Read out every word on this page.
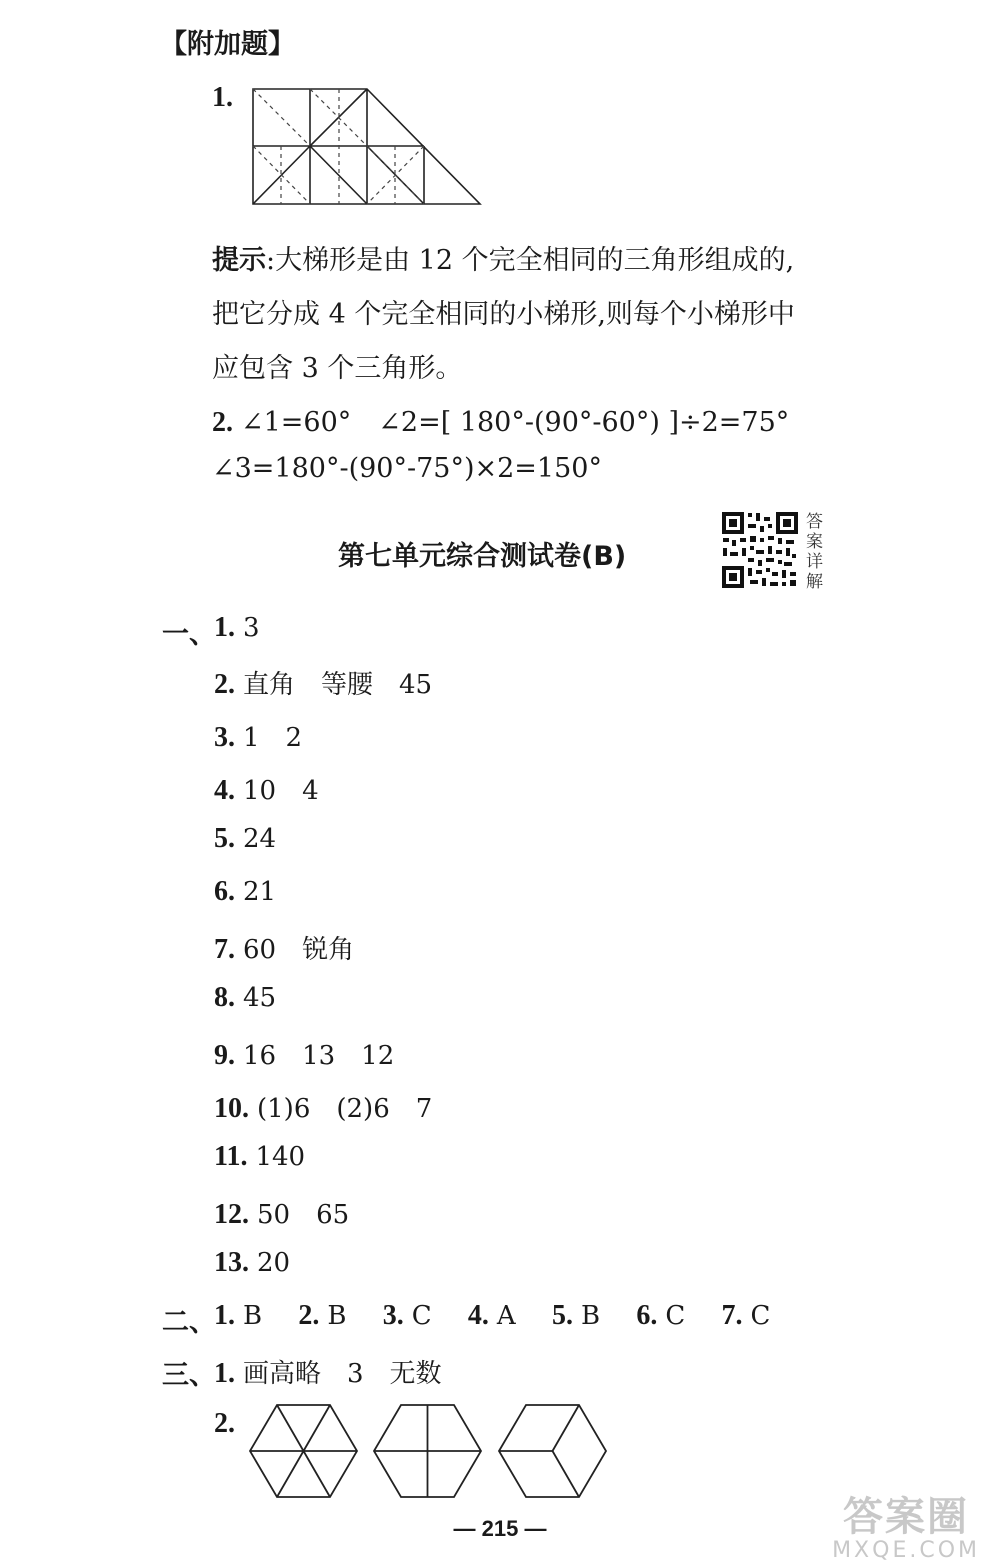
【附加题】
1.
提示:大梯形是由 12 个完全相同的三角形组成的,
把它分成 4 个完全相同的小梯形,则每个小梯形中
应包含 3 个三角形。
2. ∠1=60°　∠2=[ 180°-(90°-60°) ]÷2=75°
∠3=180°-(90°-75°)×2=150°
第七单元综合测试卷(B)
答案详解
一、
1. 3
2. 直角　等腰　45
3. 1　2
4. 10　4
5. 24
6. 21
7. 60　锐角
8. 45
9. 16　13　12
10. (1)6　(2)6　7
11. 140
12. 50　65
13. 20
二、
1. B 2. B 3. C 4. A 5. B 6. C 7. C
三、
1. 画高略　3　无数
2.
— 215 —	答案圈
MXQE.COM
